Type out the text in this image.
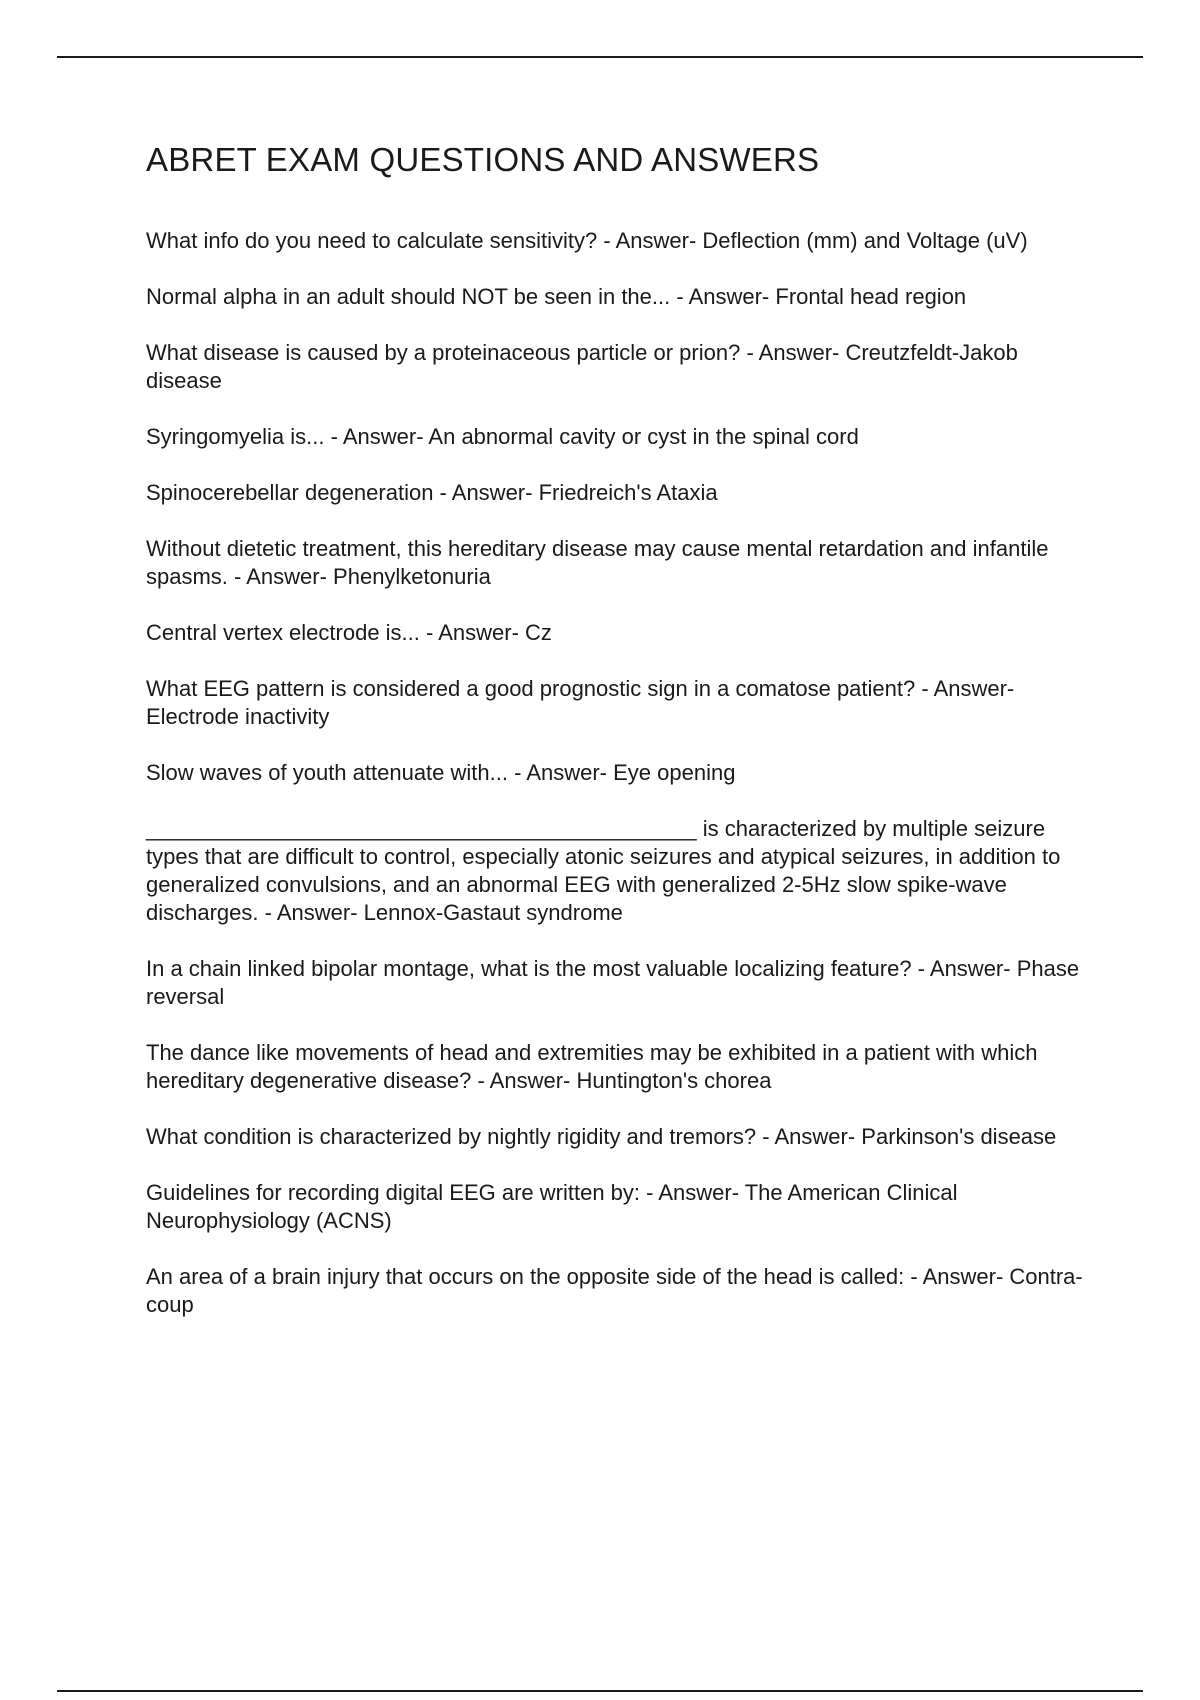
ABRET EXAM QUESTIONS AND ANSWERS

What info do you need to calculate sensitivity? - Answer- Deflection (mm) and Voltage (uV)

Normal alpha in an adult should NOT be seen in the... - Answer- Frontal head region

What disease is caused by a proteinaceous particle or prion? - Answer- Creutzfeldt-Jakob disease

Syringomyelia is... - Answer- An abnormal cavity or cyst in the spinal cord

Spinocerebellar degeneration - Answer- Friedreich's Ataxia

Without dietetic treatment, this hereditary disease may cause mental retardation and infantile spasms. - Answer- Phenylketonuria

Central vertex electrode is... - Answer- Cz

What EEG pattern is considered a good prognostic sign in a comatose patient? - Answer- Electrode inactivity

Slow waves of youth attenuate with... - Answer- Eye opening

_____________________________________________ is characterized by multiple seizure types that are difficult to control, especially atonic seizures and atypical seizures, in addition to generalized convulsions, and an abnormal EEG with generalized 2-5Hz slow spike-wave discharges. - Answer- Lennox-Gastaut syndrome

In a chain linked bipolar montage, what is the most valuable localizing feature? - Answer- Phase reversal

The dance like movements of head and extremities may be exhibited in a patient with which hereditary degenerative disease? - Answer- Huntington's chorea

What condition is characterized by nightly rigidity and tremors? - Answer- Parkinson's disease

Guidelines for recording digital EEG are written by: - Answer- The American Clinical Neurophysiology (ACNS)

An area of a brain injury that occurs on the opposite side of the head is called: - Answer- Contra-coup
